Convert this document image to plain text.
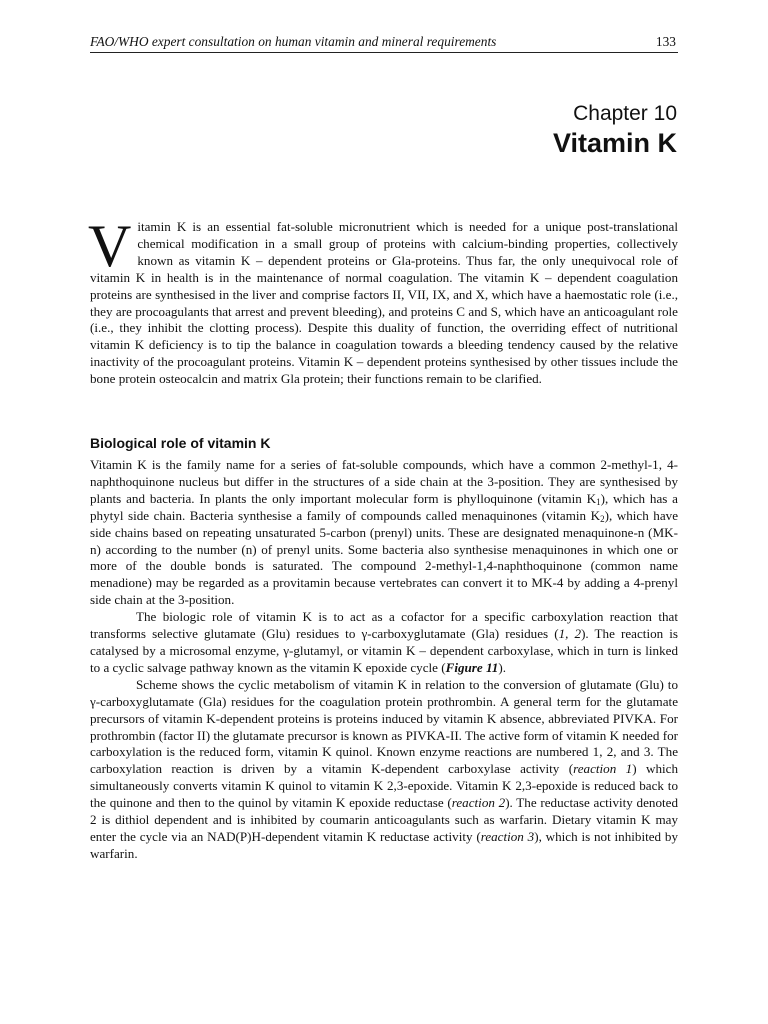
FAO/WHO expert consultation on human vitamin and mineral requirements	133
Chapter 10
Vitamin K
Vitamin K is an essential fat-soluble micronutrient which is needed for a unique post-translational chemical modification in a small group of proteins with calcium-binding properties, collectively known as vitamin K – dependent proteins or Gla-proteins. Thus far, the only unequivocal role of vitamin K in health is in the maintenance of normal coagulation. The vitamin K – dependent coagulation proteins are synthesised in the liver and comprise factors II, VII, IX, and X, which have a haemostatic role (i.e., they are procoagulants that arrest and prevent bleeding), and proteins C and S, which have an anticoagulant role (i.e., they inhibit the clotting process). Despite this duality of function, the overriding effect of nutritional vitamin K deficiency is to tip the balance in coagulation towards a bleeding tendency caused by the relative inactivity of the procoagulant proteins. Vitamin K – dependent proteins synthesised by other tissues include the bone protein osteocalcin and matrix Gla protein; their functions remain to be clarified.
Biological role of vitamin K

Vitamin K is the family name for a series of fat-soluble compounds, which have a common 2-methyl-1, 4-naphthoquinone nucleus but differ in the structures of a side chain at the 3-position. They are synthesised by plants and bacteria. In plants the only important molecular form is phylloquinone (vitamin $K_1$), which has a phytyl side chain. Bacteria synthesise a family of compounds called menaquinones (vitamin $K_2$), which have side chains based on repeating unsaturated 5-carbon (prenyl) units. These are designated menaquinone-n (MK-n) according to the number (n) of prenyl units. Some bacteria also synthesise menaquinones in which one or more of the double bonds is saturated. The compound 2-methyl-1,4-naphthoquinone (common name menadione) may be regarded as a provitamin because vertebrates can convert it to MK-4 by adding a 4-prenyl side chain at the 3-position.

The biologic role of vitamin K is to act as a cofactor for a specific carboxylation reaction that transforms selective glutamate (Glu) residues to γ-carboxyglutamate (Gla) residues (1, 2). The reaction is catalysed by a microsomal enzyme, γ-glutamyl, or vitamin K – dependent carboxylase, which in turn is linked to a cyclic salvage pathway known as the vitamin K epoxide cycle (Figure 11).

Scheme shows the cyclic metabolism of vitamin K in relation to the conversion of glutamate (Glu) to γ-carboxyglutamate (Gla) residues for the coagulation protein prothrombin. A general term for the glutamate precursors of vitamin K-dependent proteins is proteins induced by vitamin K absence, abbreviated PIVKA. For prothrombin (factor II) the glutamate precursor is known as PIVKA-II. The active form of vitamin K needed for carboxylation is the reduced form, vitamin K quinol. Known enzyme reactions are numbered 1, 2, and 3. The carboxylation reaction is driven by a vitamin K-dependent carboxylase activity (reaction 1) which simultaneously converts vitamin K quinol to vitamin K 2,3-epoxide. Vitamin K 2,3-epoxide is reduced back to the quinone and then to the quinol by vitamin K epoxide reductase (reaction 2). The reductase activity denoted 2 is dithiol dependent and is inhibited by coumarin anticoagulants such as warfarin. Dietary vitamin K may enter the cycle via an NAD(P)H-dependent vitamin K reductase activity (reaction 3), which is not inhibited by warfarin.
